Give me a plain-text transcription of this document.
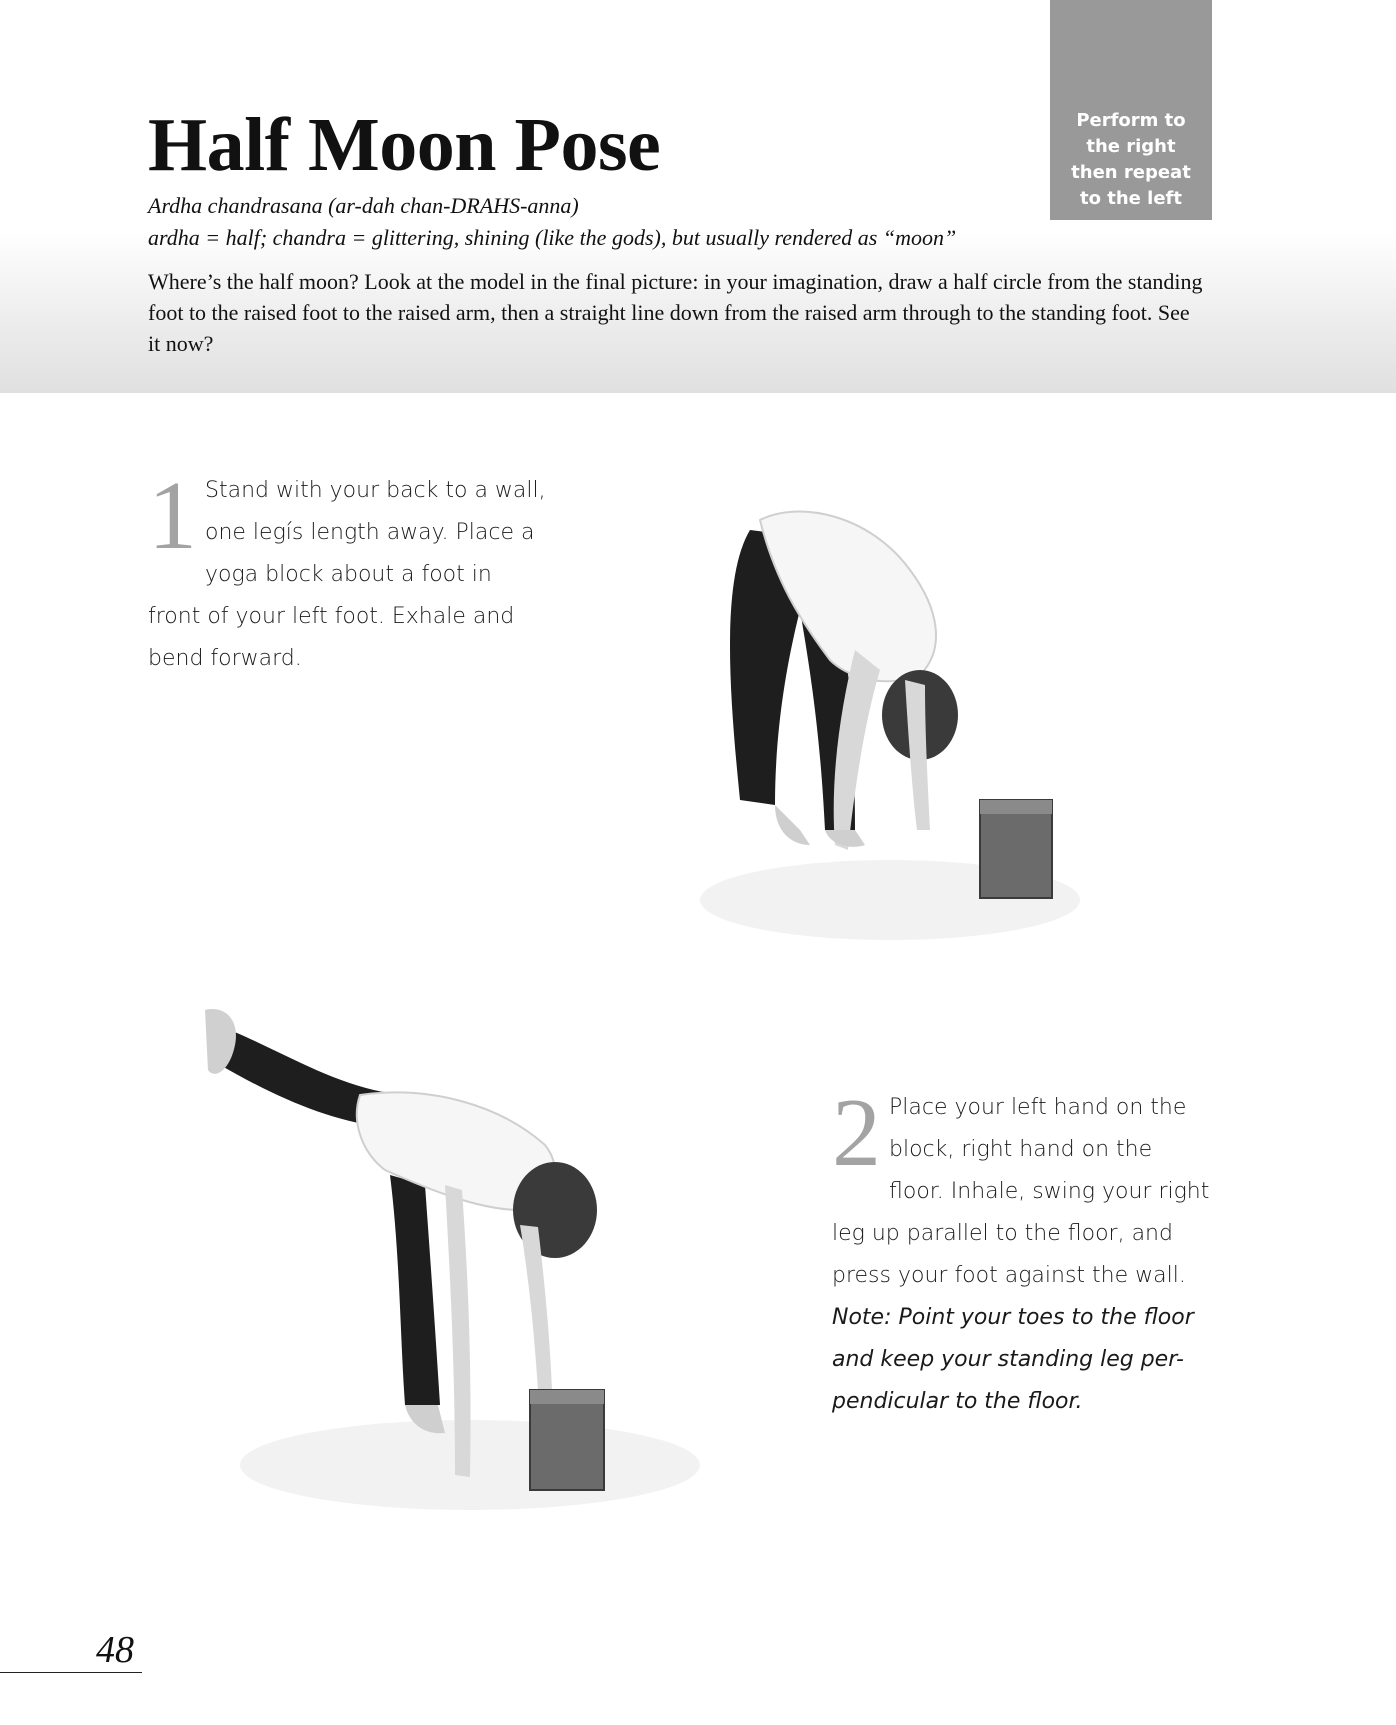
Perform to
the right
then repeat
to the left
Half Moon Pose

Ardha chandrasana (ar-dah chan-DRAHS-anna)

ardha = half; chandra = glittering, shining (like the gods), but usually rendered as “moon”

Where’s the half moon? Look at the model in the final picture: in your imagination, draw a half circle from the standing foot to the raised foot to the raised arm, then a straight line down from the raised arm through to the standing foot. See it now?

1 Stand with your back to a wall, one legís length away. Place a yoga block about a foot in front of your left foot. Exhale and bend forward.

2 Place your left hand on the block, right hand on the floor. Inhale, swing your right leg up parallel to the floor, and press your foot against the wall. Note: Point your toes to the floor and keep your standing leg per-pendicular to the floor.

48
